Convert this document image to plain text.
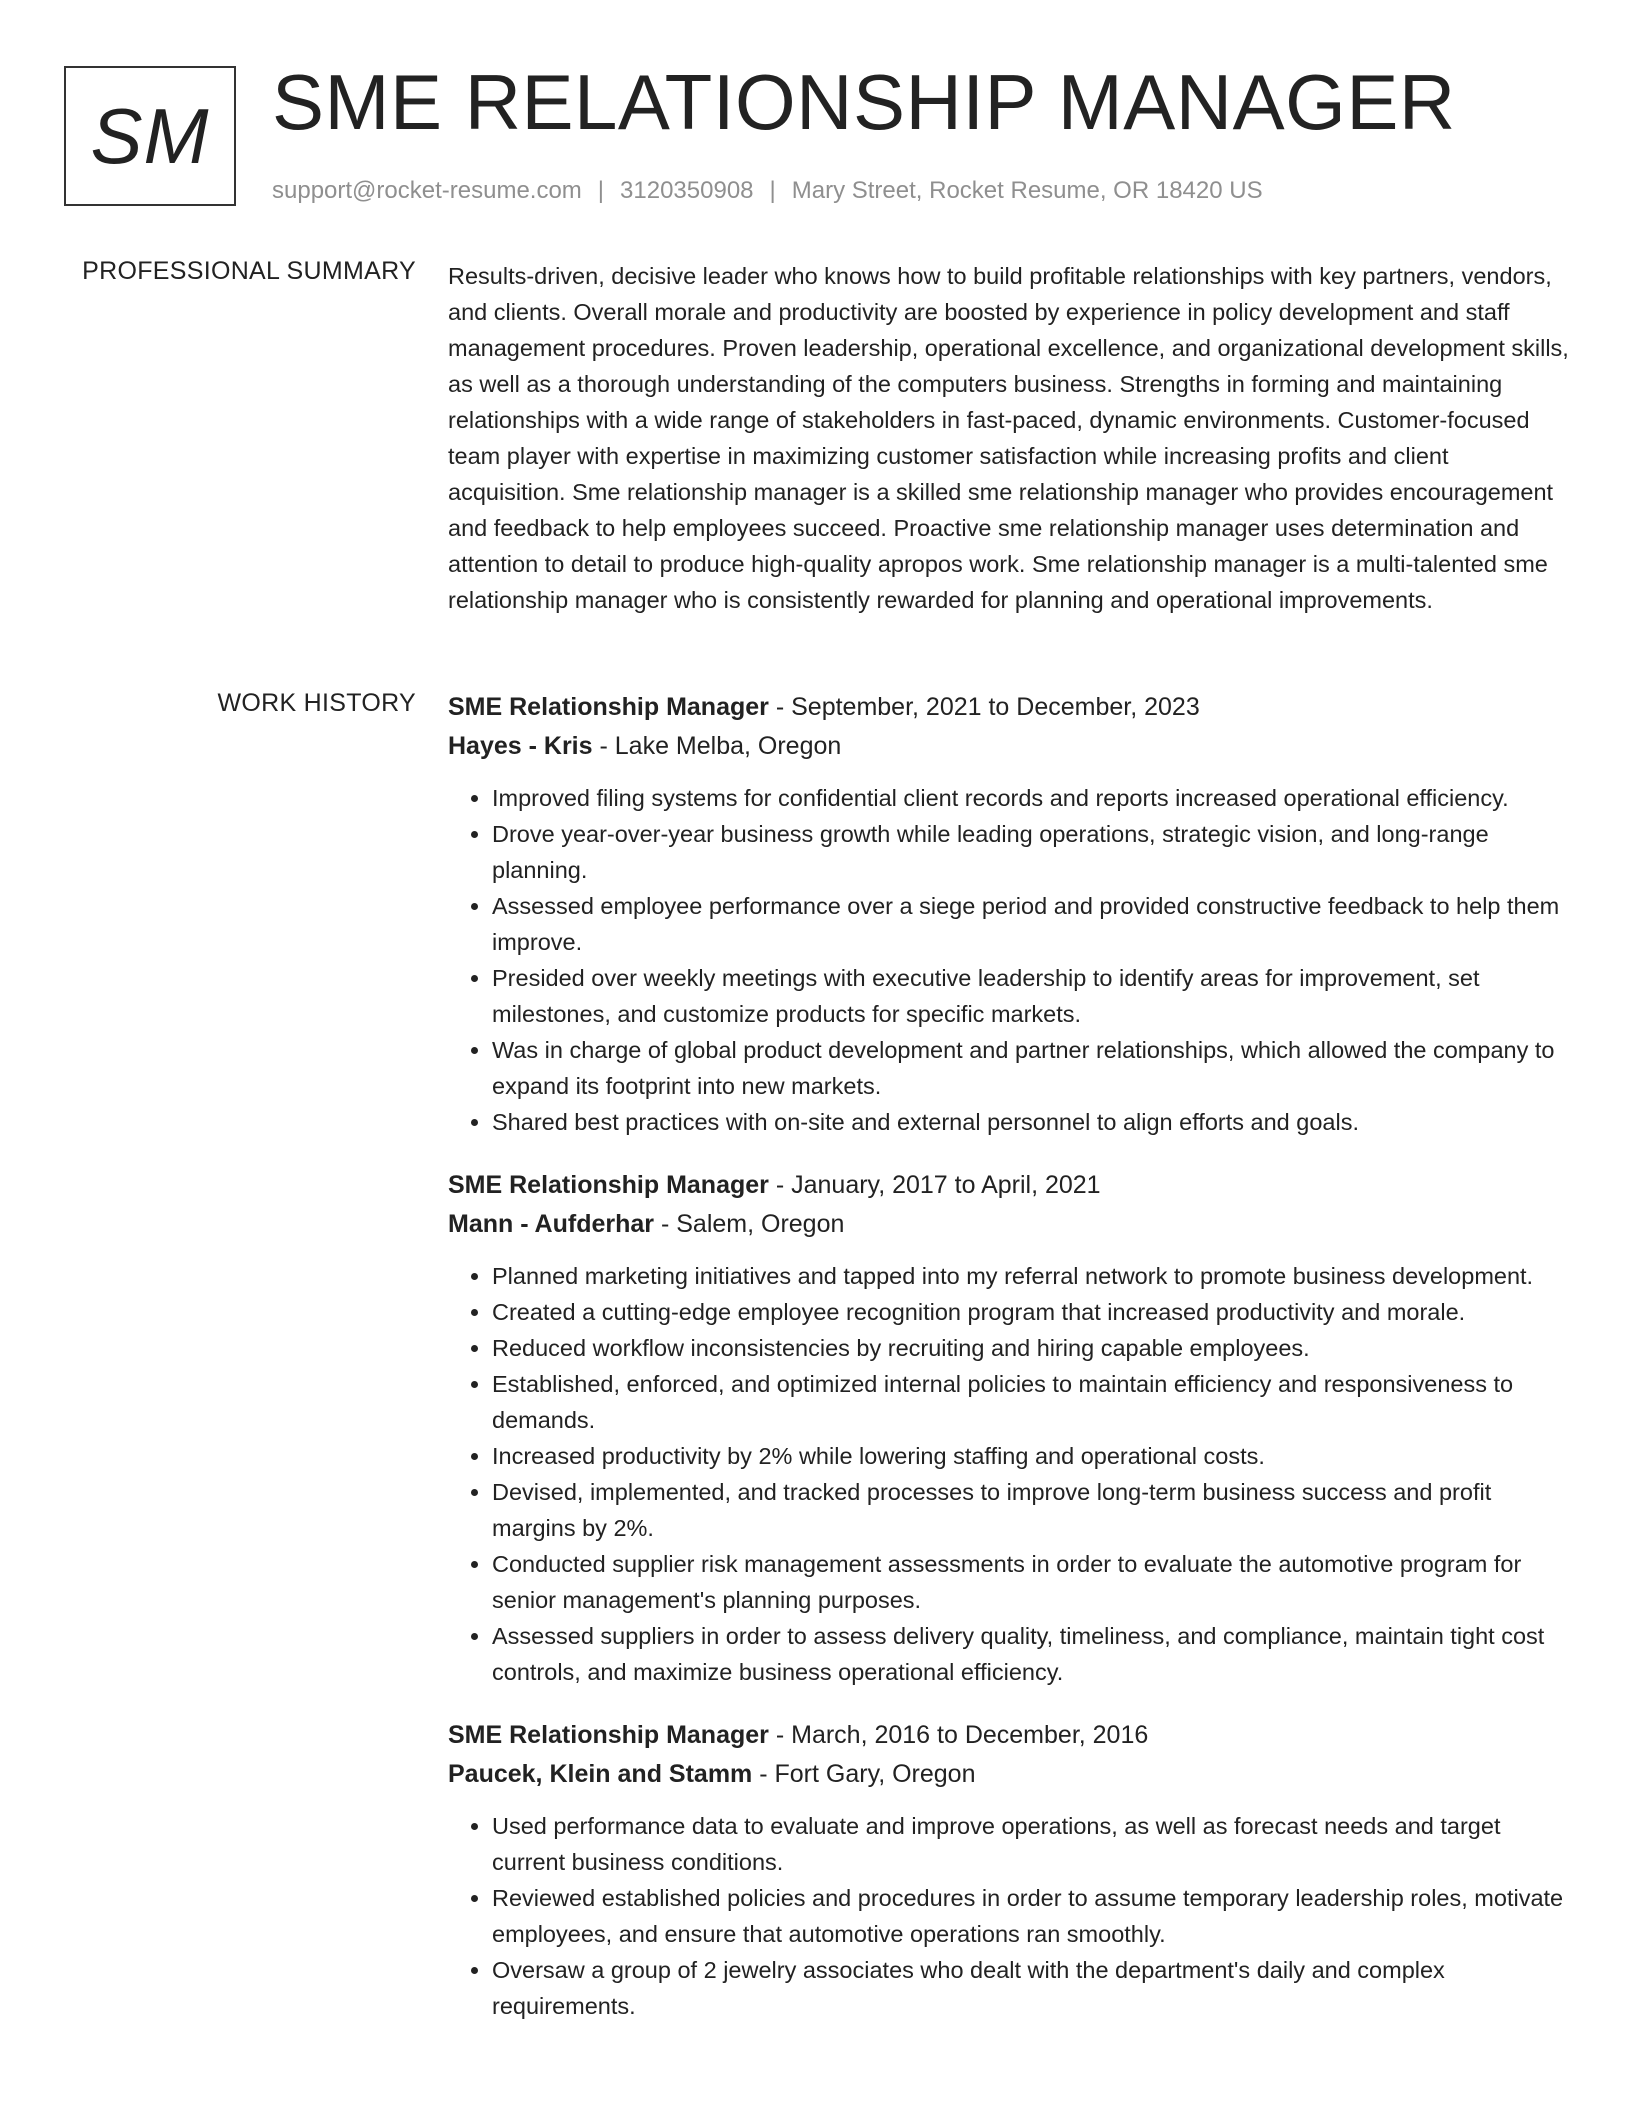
SM SME RELATIONSHIP MANAGER
support@rocket-resume.com | 3120350908 | Mary Street, Rocket Resume, OR 18420 US
PROFESSIONAL SUMMARY Results-driven, decisive leader who knows how to build profitable relationships with key partners, vendors, and clients. Overall morale and productivity are boosted by experience in policy development and staff management procedures. Proven leadership, operational excellence, and organizational development skills, as well as a thorough understanding of the computers business. Strengths in forming and maintaining relationships with a wide range of stakeholders in fast-paced, dynamic environments. Customer-focused team player with expertise in maximizing customer satisfaction while increasing profits and client acquisition. Sme relationship manager is a skilled sme relationship manager who provides encouragement and feedback to help employees succeed. Proactive sme relationship manager uses determination and attention to detail to produce high-quality apropos work. Sme relationship manager is a multi-talented sme relationship manager who is consistently rewarded for planning and operational improvements.

WORK HISTORY SME Relationship Manager - September, 2021 to December, 2023
Hayes - Kris - Lake Melba, Oregon
• Improved filing systems for confidential client records and reports increased operational efficiency.
• Drove year-over-year business growth while leading operations, strategic vision, and long-range planning.
• Assessed employee performance over a siege period and provided constructive feedback to help them improve.
• Presided over weekly meetings with executive leadership to identify areas for improvement, set milestones, and customize products for specific markets.
• Was in charge of global product development and partner relationships, which allowed the company to expand its footprint into new markets.
• Shared best practices with on-site and external personnel to align efforts and goals.
SME Relationship Manager - January, 2017 to April, 2021
Mann - Aufderhar - Salem, Oregon
• Planned marketing initiatives and tapped into my referral network to promote business development.
• Created a cutting-edge employee recognition program that increased productivity and morale.
• Reduced workflow inconsistencies by recruiting and hiring capable employees.
• Established, enforced, and optimized internal policies to maintain efficiency and responsiveness to demands.
• Increased productivity by 2% while lowering staffing and operational costs.
• Devised, implemented, and tracked processes to improve long-term business success and profit margins by 2%.
• Conducted supplier risk management assessments in order to evaluate the automotive program for senior management's planning purposes.
• Assessed suppliers in order to assess delivery quality, timeliness, and compliance, maintain tight cost controls, and maximize business operational efficiency.
SME Relationship Manager - March, 2016 to December, 2016
Paucek, Klein and Stamm - Fort Gary, Oregon
• Used performance data to evaluate and improve operations, as well as forecast needs and target current business conditions.
• Reviewed established policies and procedures in order to assume temporary leadership roles, motivate employees, and ensure that automotive operations ran smoothly.
• Oversaw a group of 2 jewelry associates who dealt with the department's daily and complex requirements.
